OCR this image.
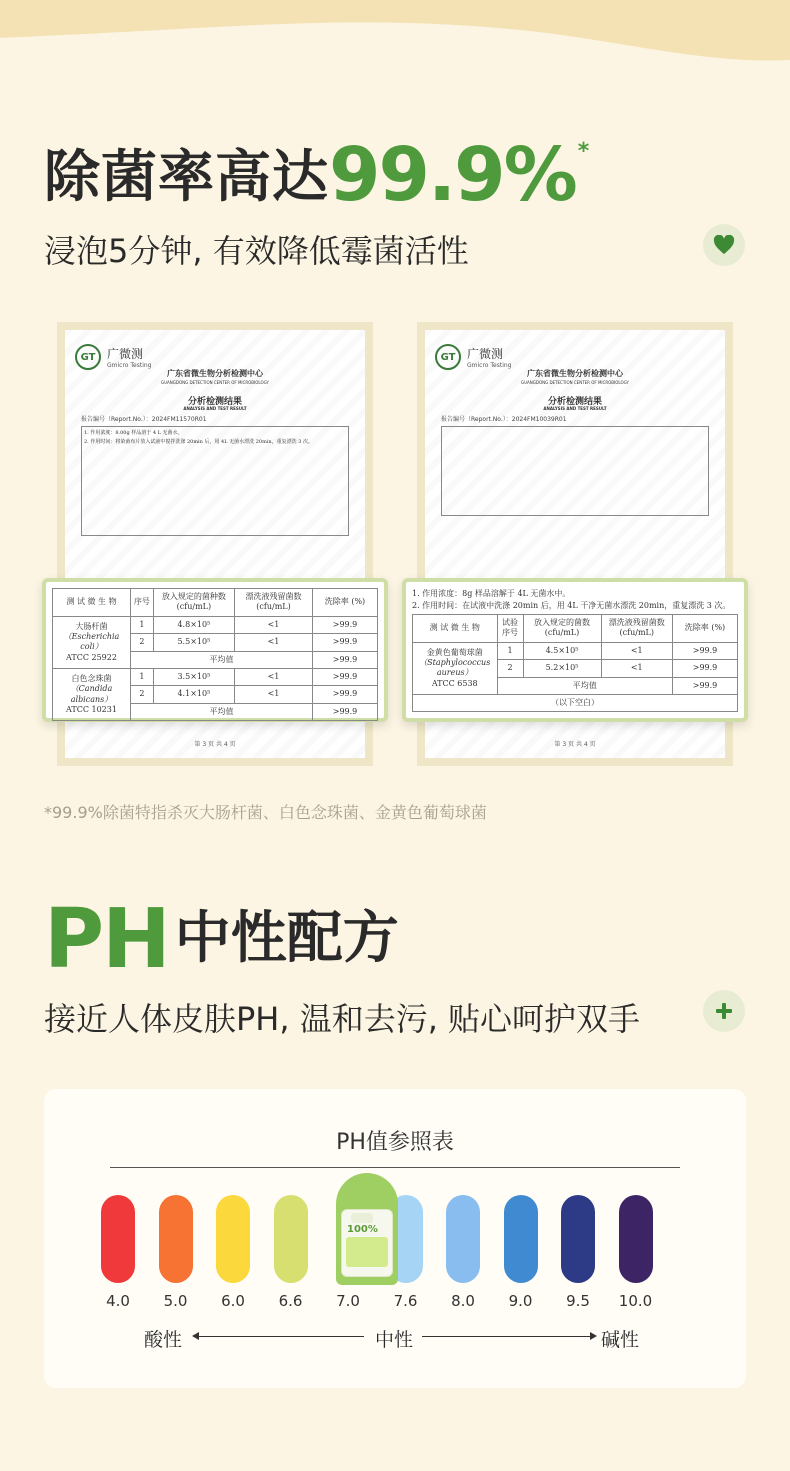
除菌率高达99.9%*
浸泡5分钟, 有效降低霉菌活性
GT 广微测
Gmicro Testing
广东省微生物分析检测中心
GUANGDONG DETECTION CENTER OF MICROBIOLOGY
分析检测结果
ANALYSIS AND TEST RESULT
报告编号（Report.No.）：2024FM11570R01
1. 作用浓度：8.00g 样品溶于 4 L 无菌水。
2. 作用时间：将染菌布片放入试液中搅拌洗涤 20min 后，用 4L 无菌水漂洗 20min，重复漂洗 3 次。
第 3 页 共 4 页
GT 广微测
Gmicro Testing
广东省微生物分析检测中心
GUANGDONG DETECTION CENTER OF MICROBIOLOGY
分析检测结果
ANALYSIS AND TEST RESULT
报告编号（Report.No.）：2024FM10039R01
第 3 页 共 4 页
测 试 微 生 物	序号	放入规定的菌种数 (cfu/mL)	漂洗液残留菌数 (cfu/mL)	洗除率 (%)

大肠杆菌
（Escherichia coli）
ATCC 25922	1	4.8×10⁵	<1	>99.9
	2	5.5×10⁵	<1	>99.9
	平均值			>99.9

白色念珠菌
（Candida albicans）
ATCC 10231	1	3.5×10⁵	<1	>99.9
	2	4.1×10⁵	<1	>99.9
	平均值			>99.9
1. 作用浓度：8g 样品溶解于 4L 无菌水中。
2. 作用时间：在试液中洗涤 20min 后，用 4L 干净无菌水漂洗 20min，重复漂洗 3 次。
测 试 微 生 物	试验序号	放入规定的菌数 (cfu/mL)	漂洗液残留菌数 (cfu/mL)	洗除率 (%)

金黄色葡萄球菌
（Staphylococcus aureus）
ATCC 6538	1	4.5×10⁵	<1	>99.9
	2	5.2×10⁵	<1	>99.9
	平均值			>99.9
（以下空白）				
*99.9%除菌特指杀灭大肠杆菌、白色念珠菌、金黄色葡萄球菌
PH 中性配方
接近人体皮肤PH, 温和去污, 贴心呵护双手
PH值参照表
4.0	5.0	6.0	6.6	7.0	7.6	8.0	9.0	9.5	10.0
100%
酸性	中性	碱性
